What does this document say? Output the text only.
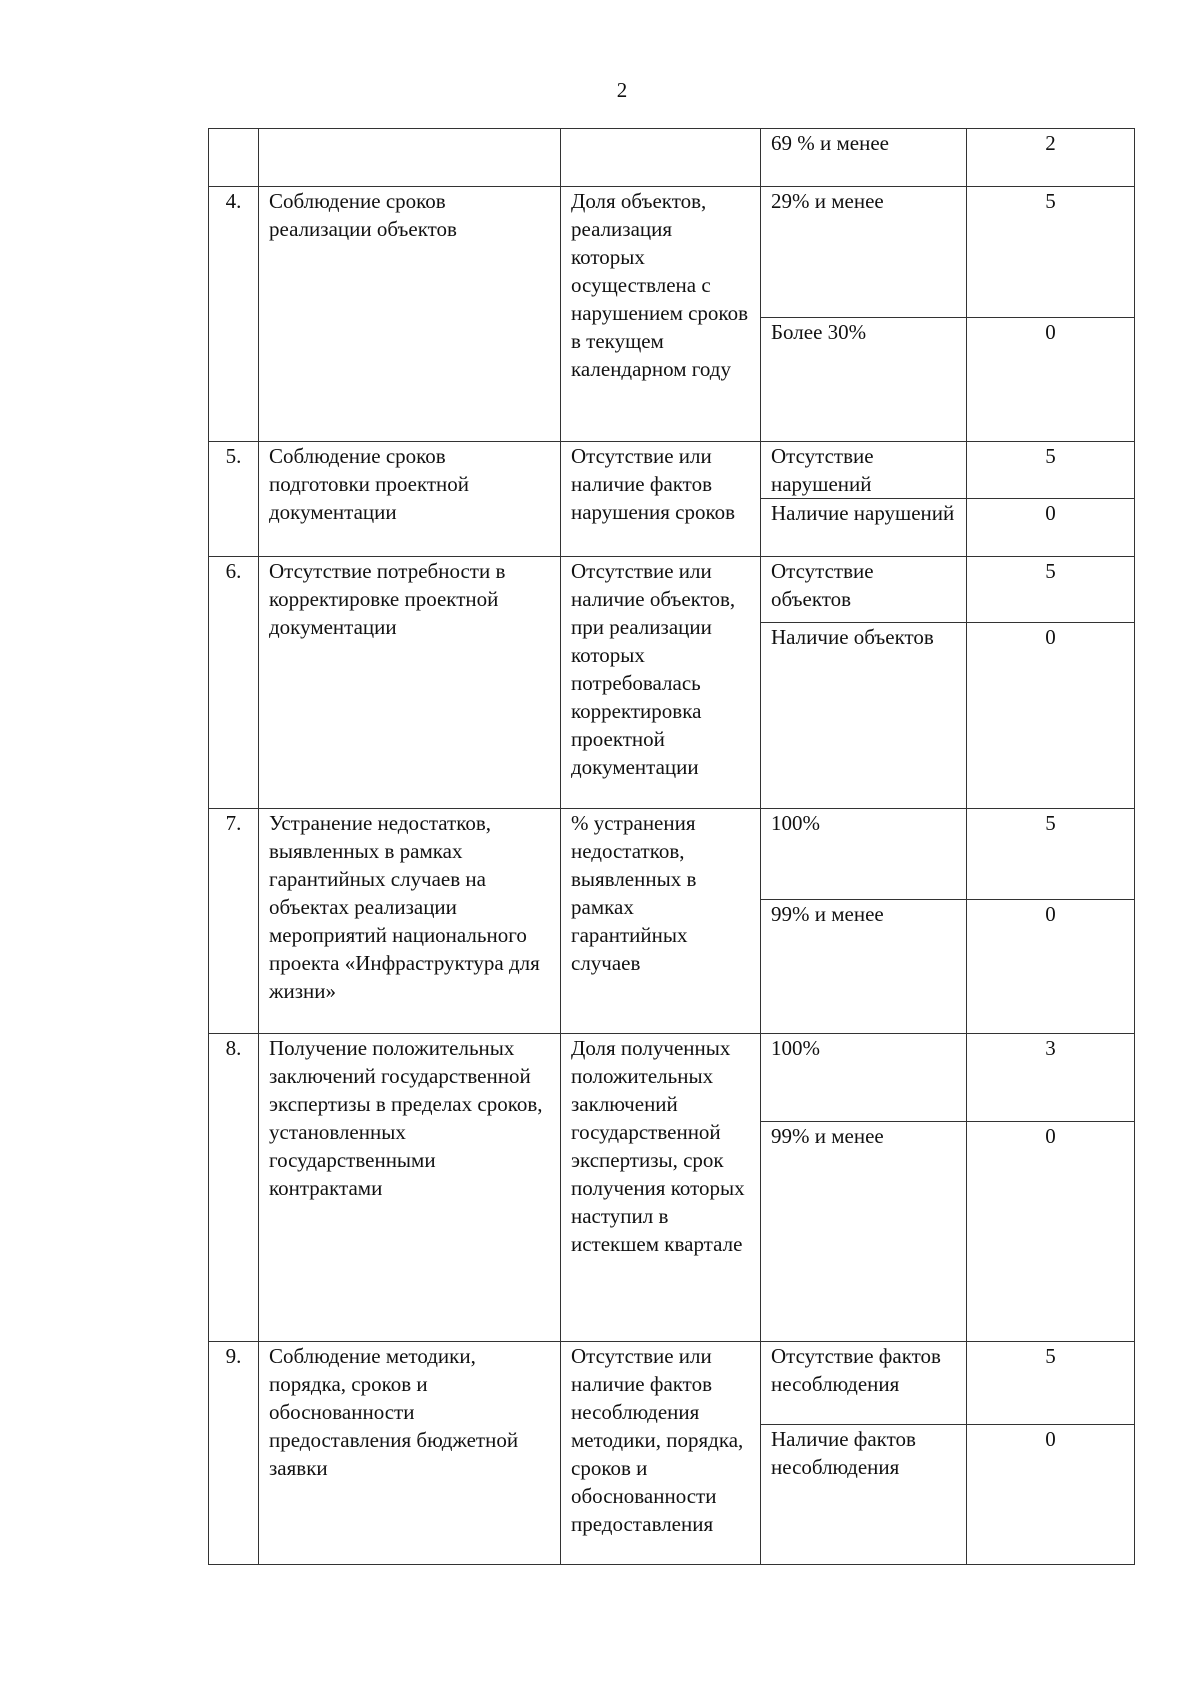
2
			69 % и менее	2
4.	Соблюдение сроков реализации объектов	Доля объектов, реализация которых осуществлена с нарушением сроков в текущем календарном году	29% и менее	5
			Более 30%	0
5.	Соблюдение сроков подготовки проектной документации	Отсутствие или наличие фактов нарушения сроков	Отсутствие нарушений	5
			Наличие нарушений	0
6.	Отсутствие потребности в корректировке проектной документации	Отсутствие или наличие объектов, при реализации которых потребовалась корректировка проектной документации	Отсутствие объектов	5
			Наличие объектов	0
7.	Устранение недостатков, выявленных в рамках гарантийных случаев на объектах реализации мероприятий национального проекта «Инфраструктура для жизни»	% устранения недостатков, выявленных в рамках гарантийных случаев	100%	5
			99% и менее	0
8.	Получение положительных заключений государственной экспертизы в пределах сроков, установленных государственными контрактами	Доля полученных положительных заключений государственной экспертизы, срок получения которых наступил в истекшем квартале	100%	3
			99% и менее	0
9.	Соблюдение методики, порядка, сроков и обоснованности предоставления бюджетной заявки	Отсутствие или наличие фактов несоблюдения методики, порядка, сроков и обоснованности предоставления	Отсутствие фактов несоблюдения	5
			Наличие фактов несоблюдения	0
